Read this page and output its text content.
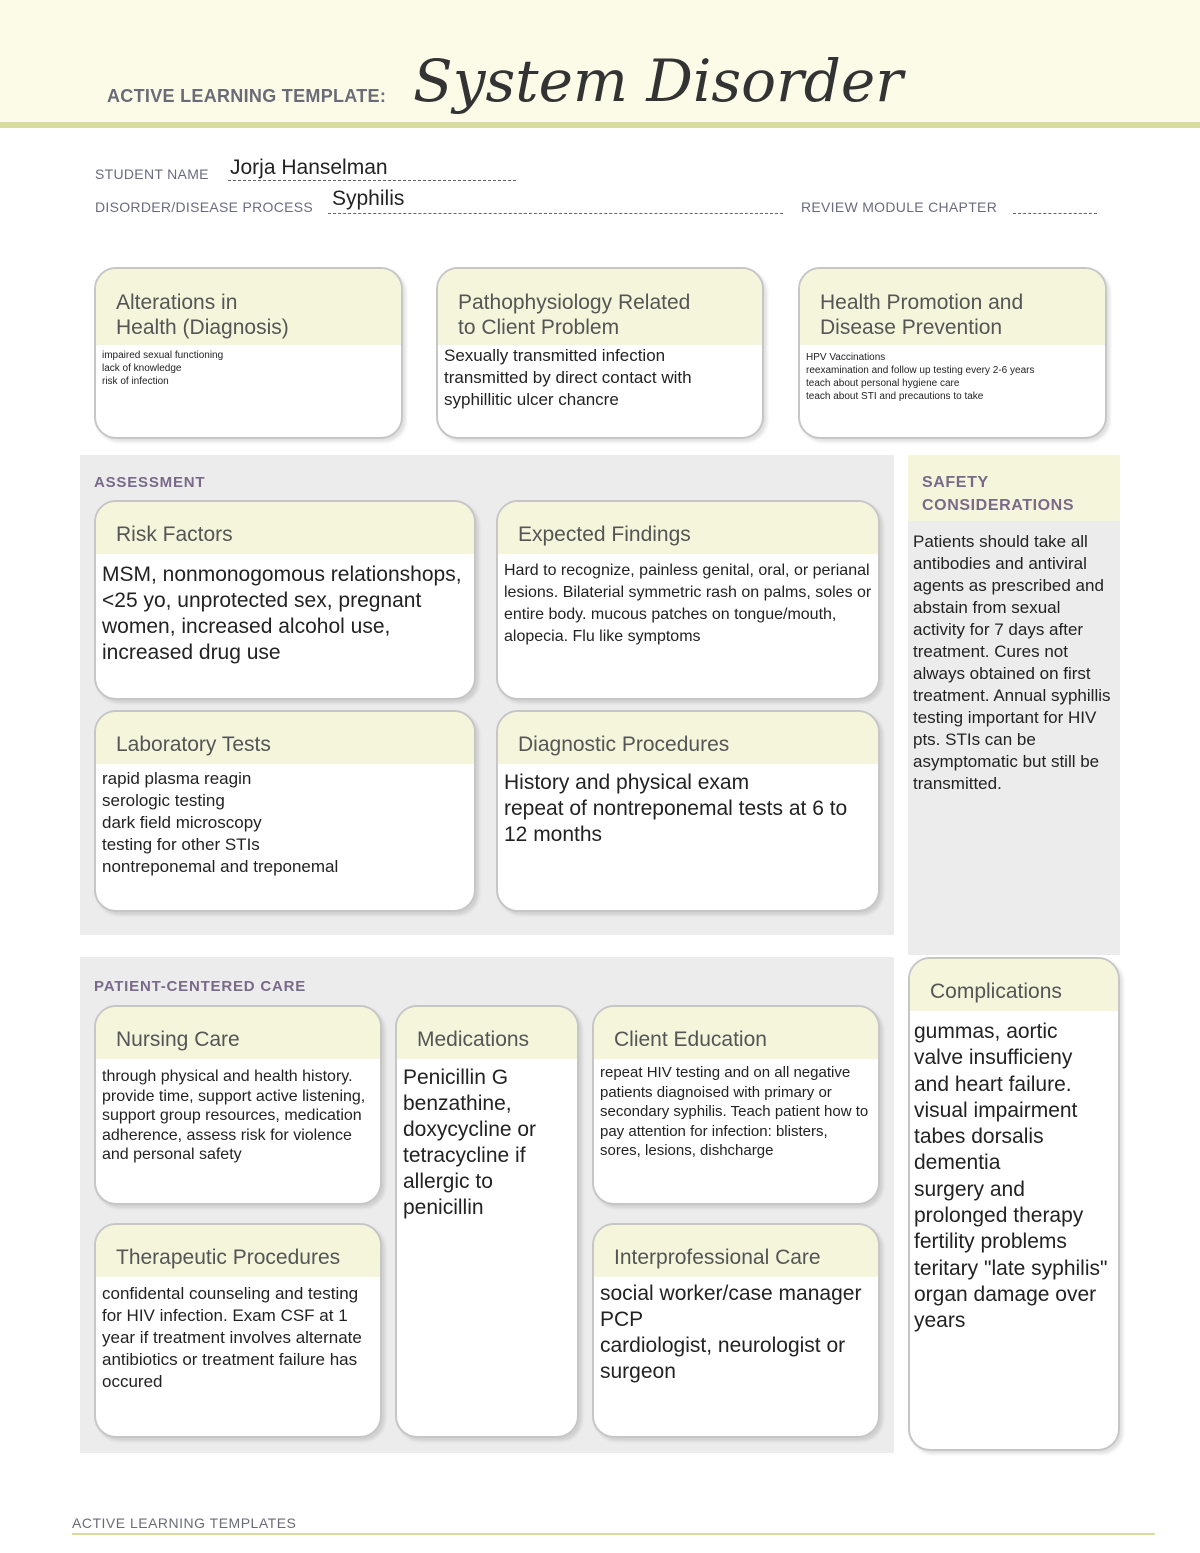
ACTIVE LEARNING TEMPLATE: System Disorder
STUDENT NAME Jorja Hanselman
DISORDER/DISEASE PROCESS Syphilis	REVIEW MODULE CHAPTER
Alterations in
Health (Diagnosis)
impaired sexual functioning
lack of knowledge
risk of infection
Pathophysiology Related
to Client Problem
Sexually transmitted infection
transmitted by direct contact with
syphillitic ulcer chancre
Health Promotion and
Disease Prevention
HPV Vaccinations
reexamination and follow up testing every 2-6 years
teach about personal hygiene care
teach about STI and precautions to take
ASSESSMENT
Risk Factors
MSM, nonmonogomous relationshops, <25 yo, unprotected sex, pregnant women, increased alcohol use, increased drug use
Expected Findings
Hard to recognize, painless genital, oral, or perianal lesions. Bilaterial symmetric rash on palms, soles or entire body. mucous patches on tongue/mouth, alopecia. Flu like symptoms
Laboratory Tests
rapid plasma reagin
serologic testing
dark field microscopy
testing for other STIs
nontreponemal and treponemal
Diagnostic Procedures
History and physical exam
repeat of nontreponemal tests at 6 to 12 months
SAFETY
CONSIDERATIONS
Patients should take all antibodies and antiviral agents as prescribed and abstain from sexual activity for 7 days after treatment. Cures not always obtained on first treatment. Annual syphillis testing important for HIV pts. STIs can be asymptomatic but still be transmitted.
PATIENT-CENTERED CARE
Nursing Care
through physical and health history. provide time, support active listening, support group resources, medication adherence, assess risk for violence and personal safety
Medications
Penicillin G benzathine, doxycycline or tetracycline if allergic to penicillin
Client Education
repeat HIV testing and on all negative patients diagnoised with primary or secondary syphilis. Teach patient how to pay attention for infection: blisters, sores, lesions, dishcharge
Therapeutic Procedures
confidental counseling and testing for HIV infection. Exam CSF at 1 year if treatment involves alternate antibiotics or treatment failure has occured
Interprofessional Care
social worker/case manager
PCP
cardiologist, neurologist or surgeon
Complications
gummas, aortic valve insufficieny and heart failure.
visual impairment
tabes dorsalis
dementia
surgery and prolonged therapy
fertility problems
teritary "late syphilis"
organ damage over years
ACTIVE LEARNING TEMPLATES
